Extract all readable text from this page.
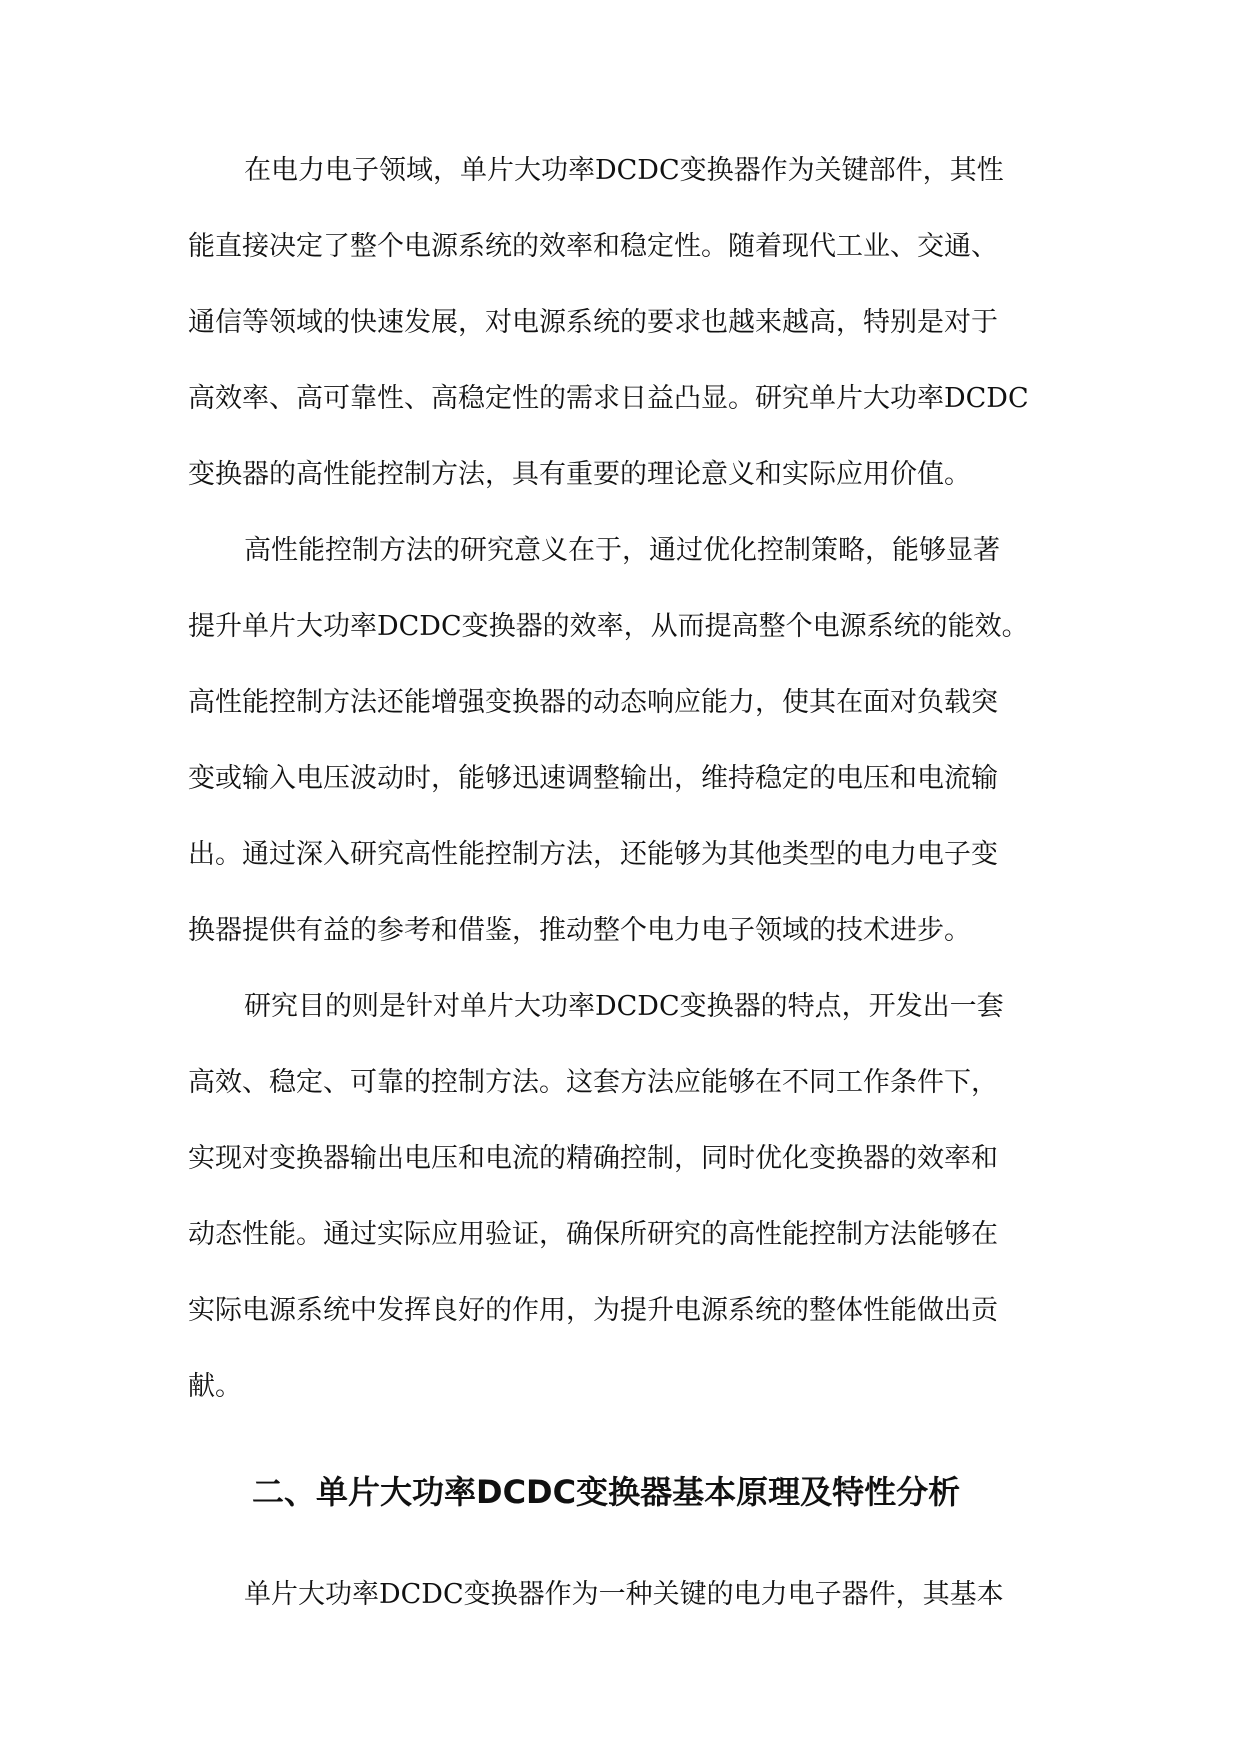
在电力电子领域，单片大功率DCDC变换器作为关键部件，其性
能直接决定了整个电源系统的效率和稳定性。随着现代工业、交通、
通信等领域的快速发展，对电源系统的要求也越来越高，特别是对于
高效率、高可靠性、高稳定性的需求日益凸显。研究单片大功率DCDC
变换器的高性能控制方法，具有重要的理论意义和实际应用价值。
高性能控制方法的研究意义在于，通过优化控制策略，能够显著
提升单片大功率DCDC变换器的效率，从而提高整个电源系统的能效。
高性能控制方法还能增强变换器的动态响应能力，使其在面对负载突
变或输入电压波动时，能够迅速调整输出，维持稳定的电压和电流输
出。通过深入研究高性能控制方法，还能够为其他类型的电力电子变
换器提供有益的参考和借鉴，推动整个电力电子领域的技术进步。
研究目的则是针对单片大功率DCDC变换器的特点，开发出一套
高效、稳定、可靠的控制方法。这套方法应能够在不同工作条件下，
实现对变换器输出电压和电流的精确控制，同时优化变换器的效率和
动态性能。通过实际应用验证，确保所研究的高性能控制方法能够在
实际电源系统中发挥良好的作用，为提升电源系统的整体性能做出贡
献。
二、单片大功率DCDC变换器基本原理及特性分析
单片大功率DCDC变换器作为一种关键的电力电子器件，其基本
